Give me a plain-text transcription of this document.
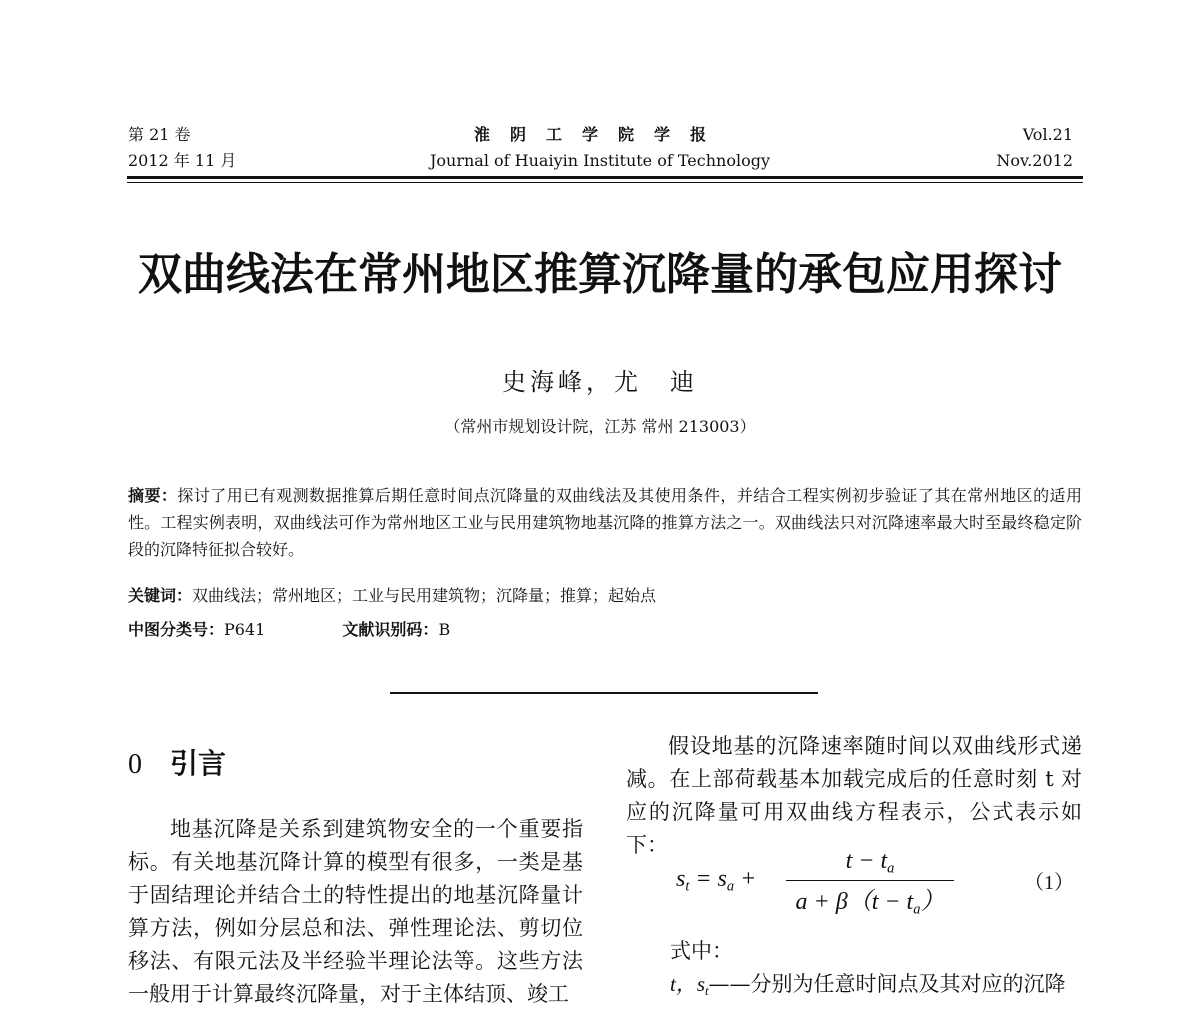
第 21 卷
2012 年 11 月
淮阴工学院学报
Journal of Huaiyin Institute of Technology
Vol.21
Nov.2012
双曲线法在常州地区推算沉降量的承包应用探讨
史海峰，尤　迪
（常州市规划设计院，江苏 常州 213003）
摘要：探讨了用已有观测数据推算后期任意时间点沉降量的双曲线法及其使用条件，并结合工程实例初步验证了其在常州地区的适用性。工程实例表明，双曲线法可作为常州地区工业与民用建筑物地基沉降的推算方法之一。双曲线法只对沉降速率最大时至最终稳定阶段的沉降特征拟合较好。
关键词：双曲线法；常州地区；工业与民用建筑物；沉降量；推算；起始点
中图分类号：P641	文献识别码：B
0 引言

地基沉降是关系到建筑物安全的一个重要指标。有关地基沉降计算的模型有很多，一类是基于固结理论并结合土的特性提出的地基沉降量计算方法，例如分层总和法、弹性理论法、剪切位移法、有限元法及半经验半理论法等。这些方法一般用于计算最终沉降量，对于主体结顶、竣工

假设地基的沉降速率随时间以双曲线形式递减。在上部荷载基本加载完成后的任意时刻 t 对应的沉降量可用双曲线方程表示，公式表示如下：

$s_t = s_a$ +
$t - t_a$
$a + \beta(t - t_a)$
（1）
式中：
t，$s_t——$分别为任意时间点及其对应的沉降
